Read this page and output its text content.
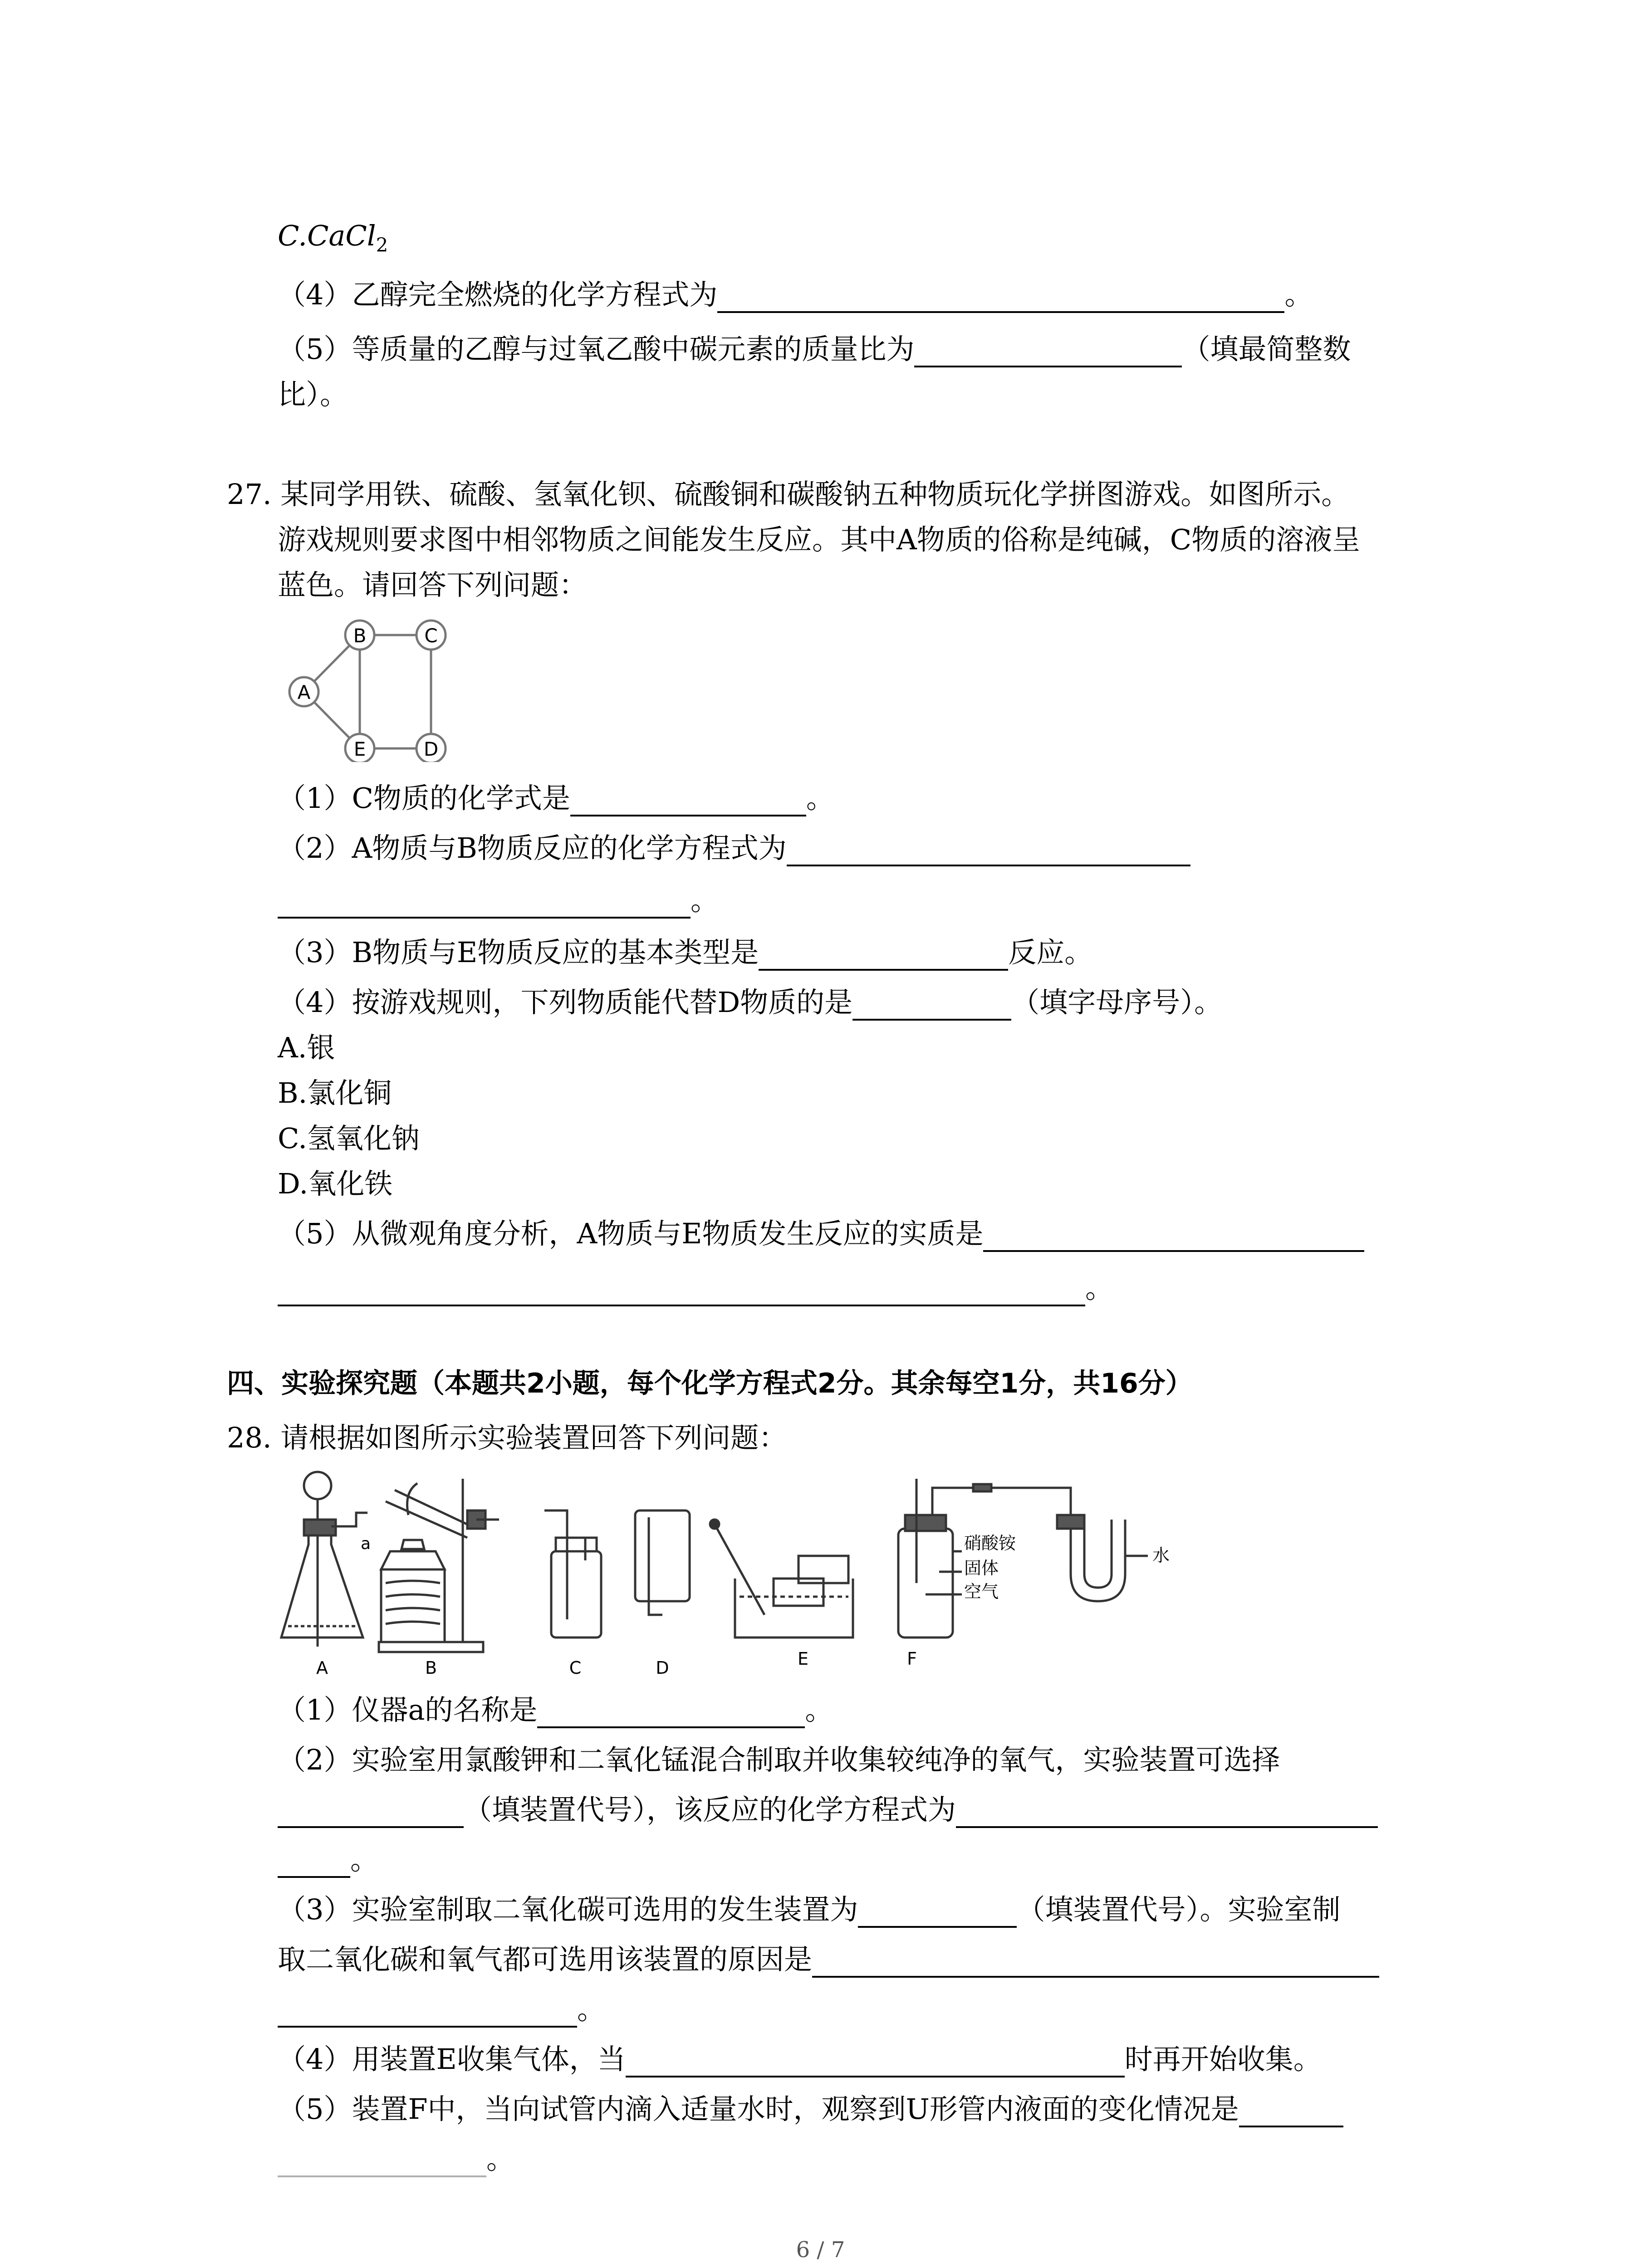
C.CaCl$_2$
（4）乙醇完全燃烧的化学方程式为	。
（5）等质量的乙醇与过氧乙酸中碳元素的质量比为	（填最简整数
比）。
27. 某同学用铁、硫酸、氢氧化钡、硫酸铜和碳酸钠五种物质玩化学拼图游戏。如图所示。
游戏规则要求图中相邻物质之间能发生反应。其中A物质的俗称是纯碱，C物质的溶液呈
蓝色。请回答下列问题：
A
B	C
D
E
（1）C物质的化学式是	。
（2）A物质与B物质反应的化学方程式为
。
（3）B物质与E物质反应的基本类型是	反应。
（4）按游戏规则，下列物质能代替D物质的是	（填字母序号）。
A.银
B.氯化铜
C.氢氧化钠
D.氧化铁
（5）从微观角度分析，A物质与E物质发生反应的实质是
。
四、实验探究题（本题共2小题，每个化学方程式2分。其余每空1分，共16分）
28. 请根据如图所示实验装置回答下列问题：
a
水
硝酸铵
固体
空气
A	B	C	D	E	F
（1）仪器a的名称是	。
（2）实验室用氯酸钾和二氧化锰混合制取并收集较纯净的氧气，实验装置可选择
（填装置代号），该反应的化学方程式为
。
（3）实验室制取二氧化碳可选用的发生装置为	（填装置代号）。实验室制
取二氧化碳和氧气都可选用该装置的原因是
。
（4）用装置E收集气体，当	时再开始收集。
（5）装置F中，当向试管内滴入适量水时，观察到U形管内液面的变化情况是
。
6 / 7
